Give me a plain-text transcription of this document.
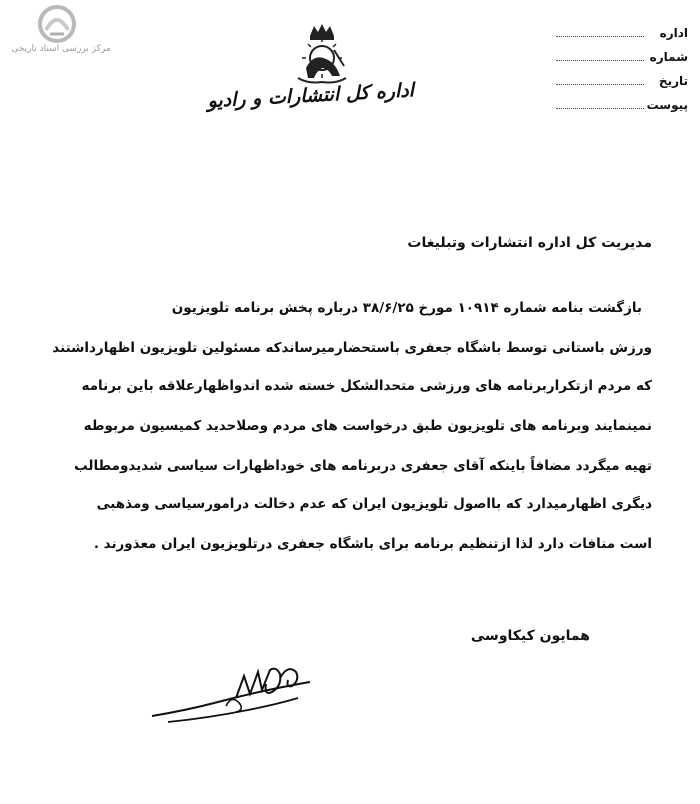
مرکز بررسی اسناد تاریخی
اداره کل انتشارات و رادیو
اداره
شماره
تاریخ
پیوست
مدیریت کل اداره انتشارات وتبلیغات
بازگشت بنامه شماره ۱۰۹۱۴ مورخ ۳۸/۶/۲۵ درباره پخش برنامه تلویزیون
ورزش باستانی توسط باشگاه جعفری باستحضارمیرساندکه مسئولین تلویزیون اظهارداشتند
که مردم ازتکراربرنامه های ورزشی متحدالشکل خسته شده اندواظهارعلاقه باین برنامه
نمینمایند وبرنامه های تلویزیون طبق درخواست های مردم وصلاحدید کمیسیون مربوطه
تهیه میگردد مضافاً باینکه آقای جعفری دربرنامه های خوداظهارات سیاسی شدیدومطالب
دیگری اظهارمیدارد که بااصول تلویزیون ایران که عدم دخالت درامورسیاسی ومذهبی
است منافات دارد لذا ازتنظیم برنامه برای باشگاه جعفری درتلویزیون ایران معذورند .
همایون کیکاوسی
